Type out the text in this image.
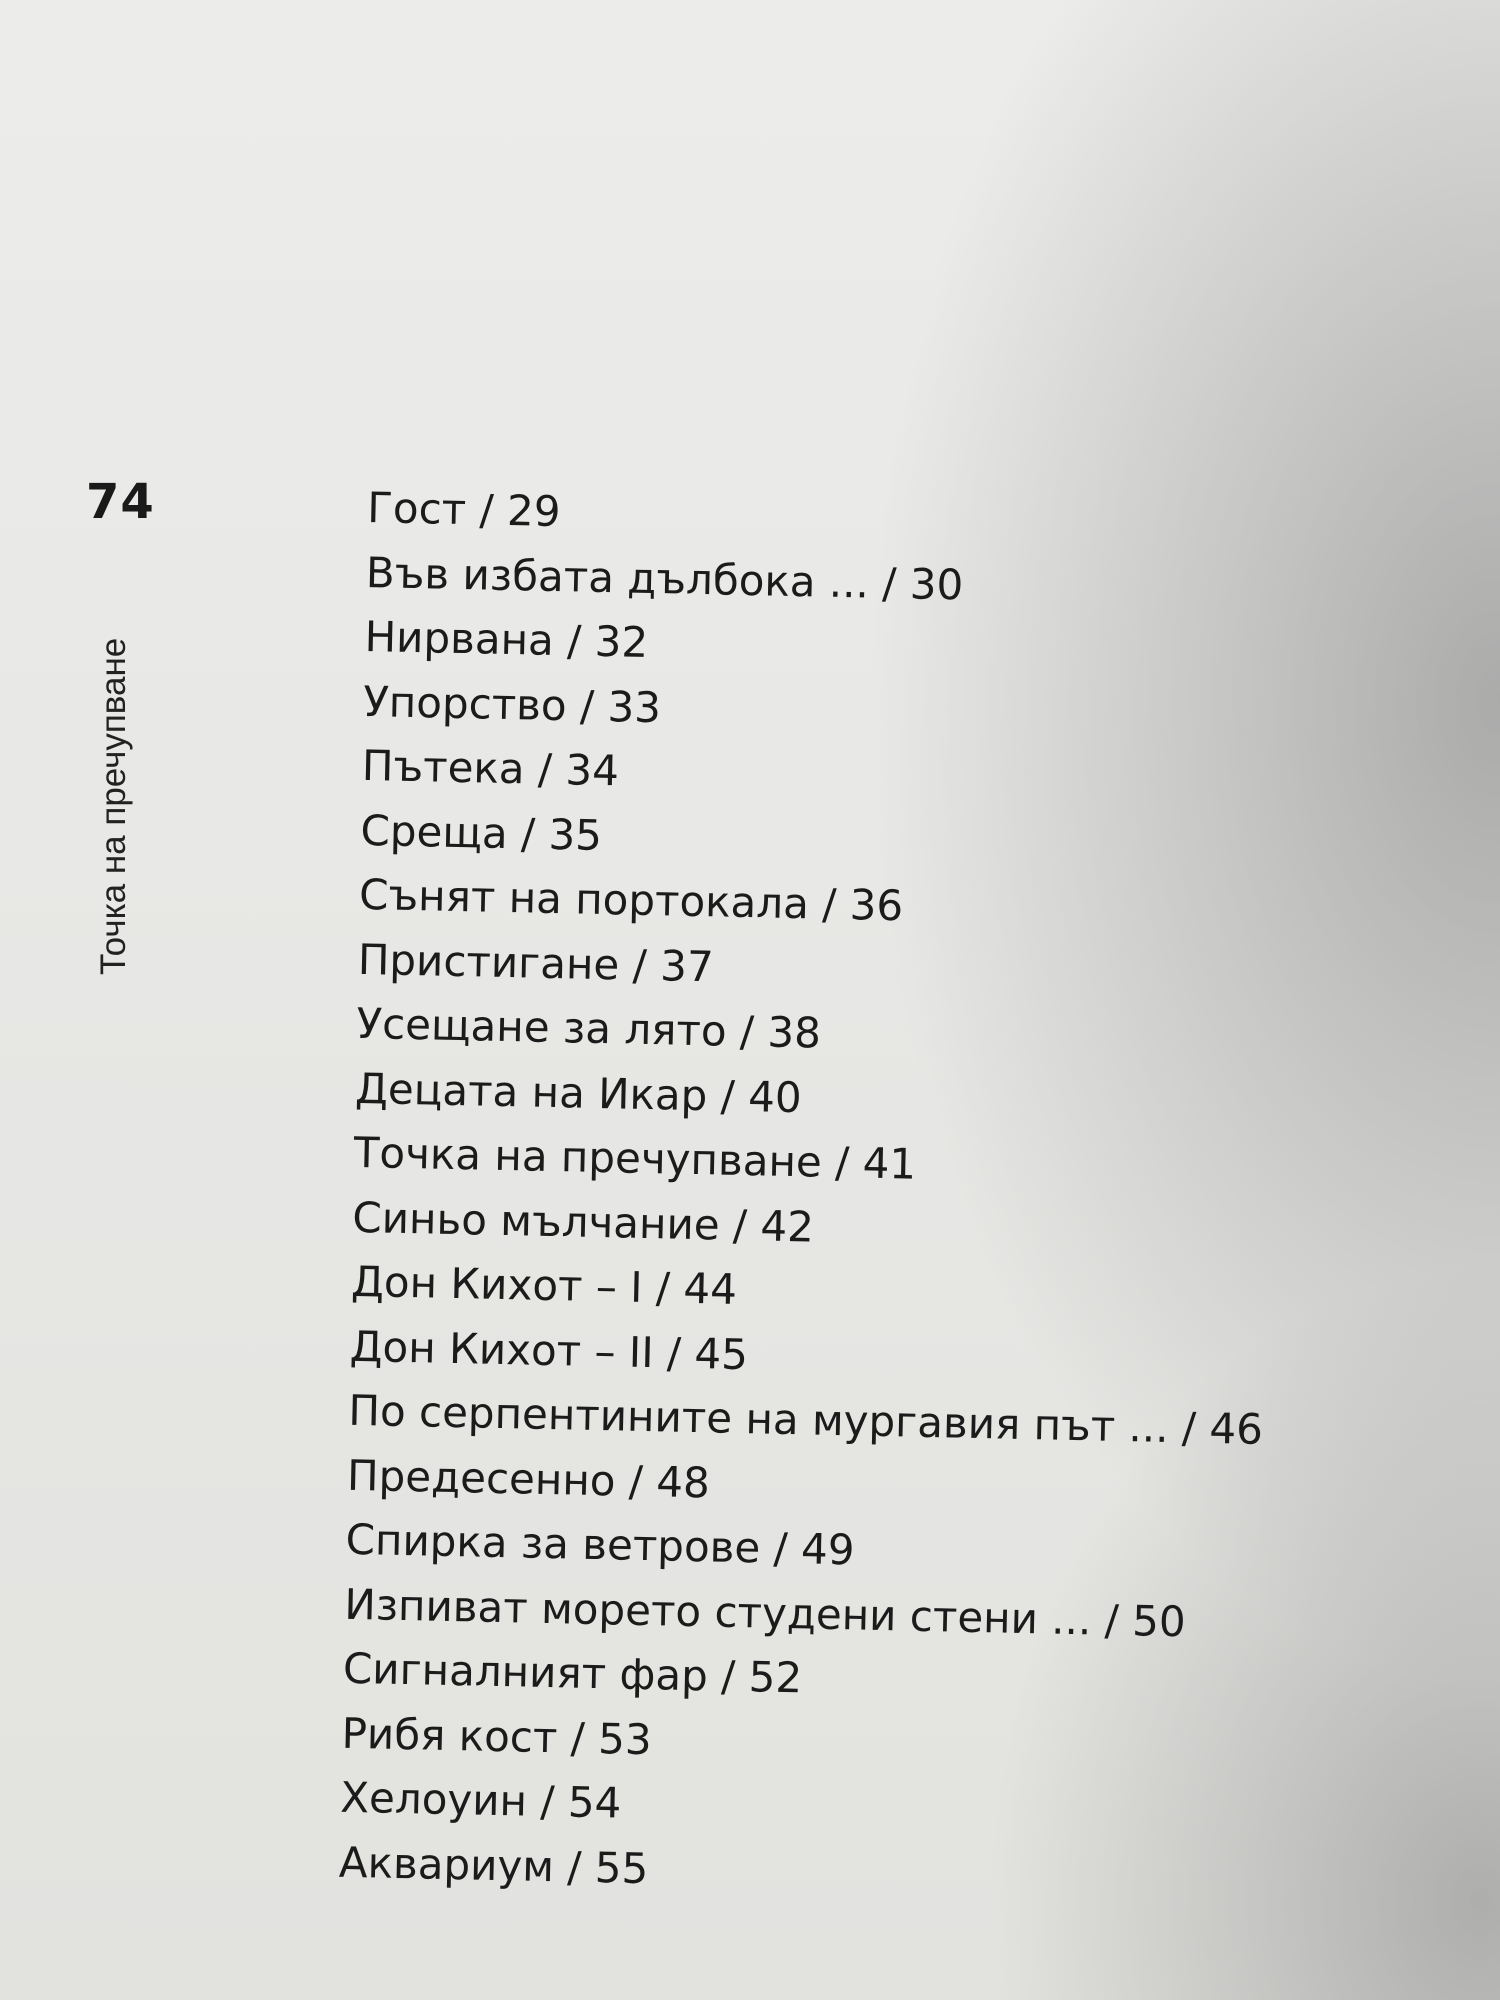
74
Точка на пречупване
Гост / 29
Във избата дълбока ... / 30
Нирвана / 32
Упорство / 33
Пътека / 34
Среща / 35
Сънят на портокала / 36
Пристигане / 37
Усещане за лято / 38
Децата на Икар / 40
Точка на пречупване / 41
Синьо мълчание / 42
Дон Кихот – I / 44
Дон Кихот – II / 45
По серпентините на мургавия път ... / 46
Предесенно / 48
Спирка за ветрове / 49
Изпиват морето студени стени ... / 50
Сигналният фар / 52
Рибя кост / 53
Хелоуин / 54
Аквариум / 55
